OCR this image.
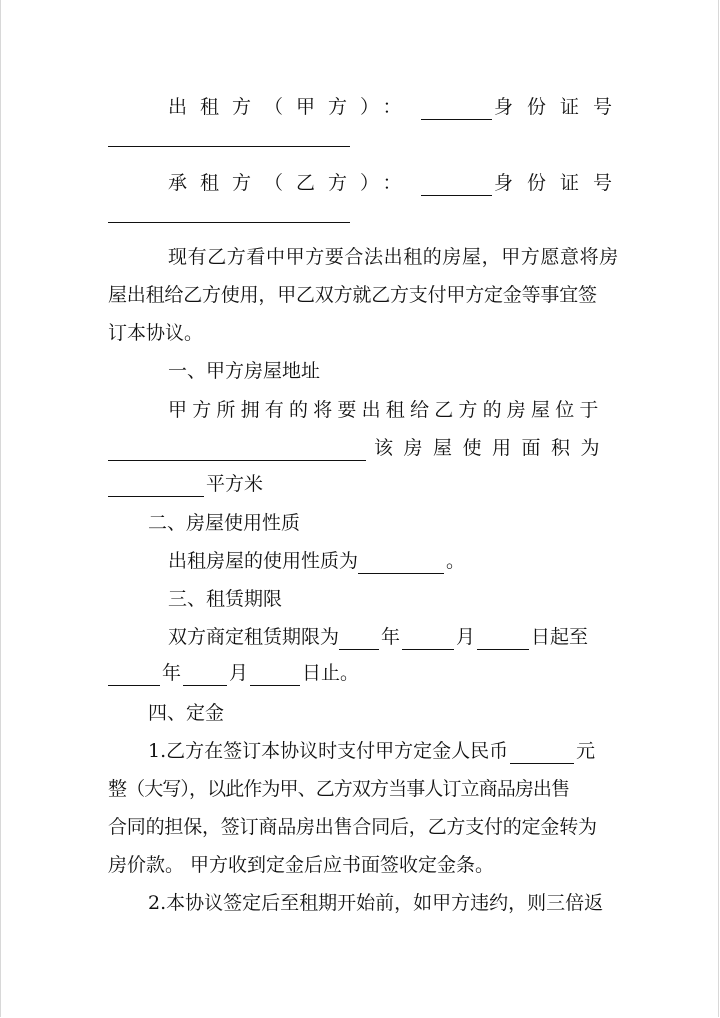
出租方（甲方）：	身份证号
承租方（乙方）：	身份证号
现有乙方看中甲方要合法出租的房屋，甲方愿意将房
屋出租给乙方使用，甲乙双方就乙方支付甲方定金等事宜签
订本协议。
一、甲方房屋地址
甲方所拥有的将要出租给乙方的房屋位于
该房屋使用面积为
平方米
二、房屋使用性质
出租房屋的使用性质为	。
三、租赁期限
双方商定租赁期限为 年	月	日起至
年	月	日止。
四、定金
1.乙方在签订本协议时支付甲方定金人民币	元
整（大写），以此作为甲、乙方双方当事人订立商品房出售
合同的担保，签订商品房出售合同后，乙方支付的定金转为
房价款。 甲方收到定金后应书面签收定金条。
2.本协议签定后至租期开始前，如甲方违约，则三倍返
